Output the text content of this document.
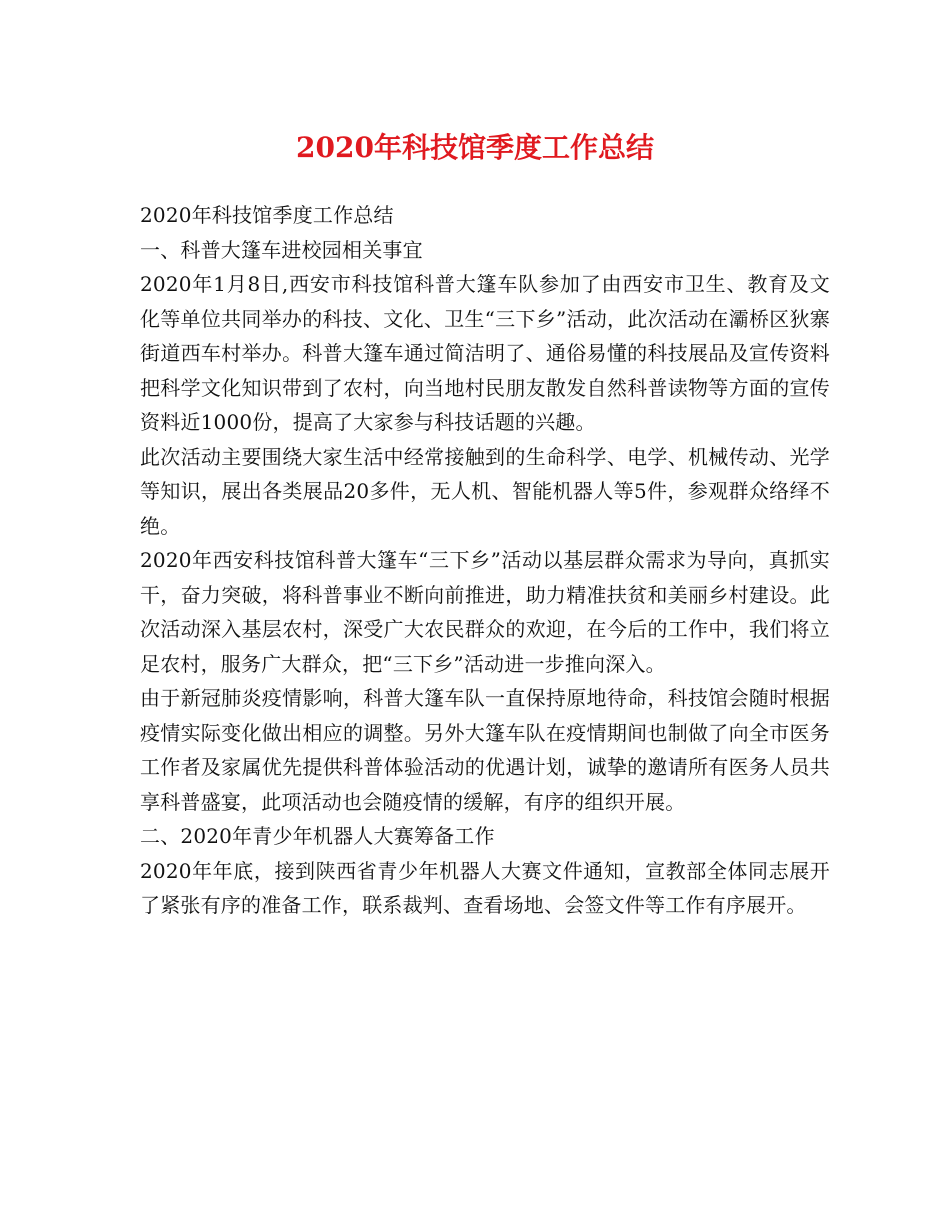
2020年科技馆季度工作总结

2020年科技馆季度工作总结

一、科普大篷车进校园相关事宜

2020年1月8日,西安市科技馆科普大篷车队参加了由西安市卫生、教育及文化等单位共同举办的科技、文化、卫生“三下乡”活动，此次活动在灞桥区狄寨街道西车村举办。科普大篷车通过简洁明了、通俗易懂的科技展品及宣传资料把科学文化知识带到了农村，向当地村民朋友散发自然科普读物等方面的宣传资料近1000份，提高了大家参与科技话题的兴趣。

此次活动主要围绕大家生活中经常接触到的生命科学、电学、机械传动、光学等知识，展出各类展品20多件，无人机、智能机器人等5件，参观群众络绎不绝。

2020年西安科技馆科普大篷车“三下乡”活动以基层群众需求为导向，真抓实干，奋力突破，将科普事业不断向前推进，助力精准扶贫和美丽乡村建设。此次活动深入基层农村，深受广大农民群众的欢迎，在今后的工作中，我们将立足农村，服务广大群众，把“三下乡”活动进一步推向深入。

由于新冠肺炎疫情影响，科普大篷车队一直保持原地待命，科技馆会随时根据疫情实际变化做出相应的调整。另外大篷车队在疫情期间也制做了向全市医务工作者及家属优先提供科普体验活动的优遇计划，诚挚的邀请所有医务人员共享科普盛宴，此项活动也会随疫情的缓解，有序的组织开展。

二、2020年青少年机器人大赛筹备工作

2020年年底，接到陕西省青少年机器人大赛文件通知，宣教部全体同志展开了紧张有序的准备工作，联系裁判、查看场地、会签文件等工作有序展开。
